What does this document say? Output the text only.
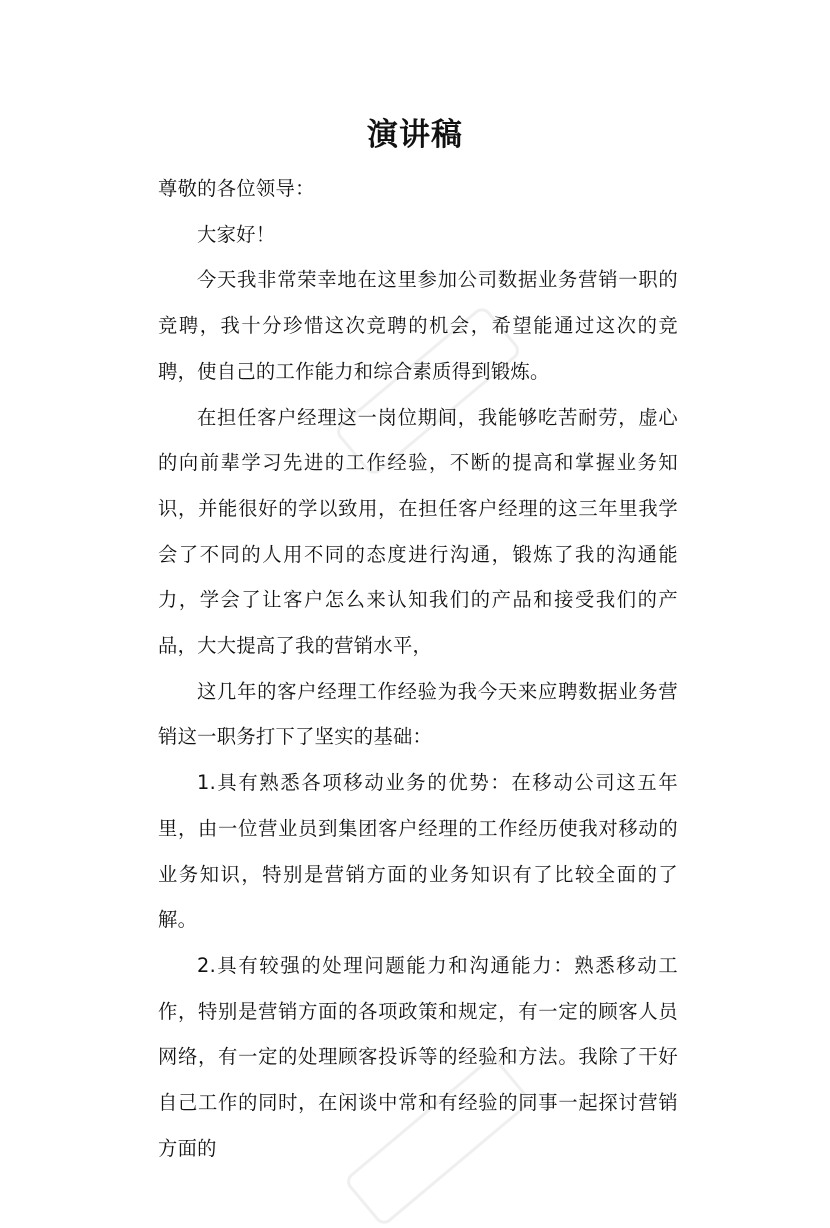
演讲稿

尊敬的各位领导：

大家好！

今天我非常荣幸地在这里参加公司数据业务营销一职的竞聘，我十分珍惜这次竞聘的机会，希望能通过这次的竞聘，使自己的工作能力和综合素质得到锻炼。

在担任客户经理这一岗位期间，我能够吃苦耐劳，虚心的向前辈学习先进的工作经验，不断的提高和掌握业务知识，并能很好的学以致用，在担任客户经理的这三年里我学会了不同的人用不同的态度进行沟通，锻炼了我的沟通能力，学会了让客户怎么来认知我们的产品和接受我们的产品，大大提高了我的营销水平，

这几年的客户经理工作经验为我今天来应聘数据业务营销这一职务打下了坚实的基础：

1.具有熟悉各项移动业务的优势：在移动公司这五年里，由一位营业员到集团客户经理的工作经历使我对移动的业务知识，特别是营销方面的业务知识有了比较全面的了解。

2.具有较强的处理问题能力和沟通能力：熟悉移动工作，特别是营销方面的各项政策和规定，有一定的顾客人员网络，有一定的处理顾客投诉等的经验和方法。我除了干好自己工作的同时，在闲谈中常和有经验的同事一起探讨营销方面的
